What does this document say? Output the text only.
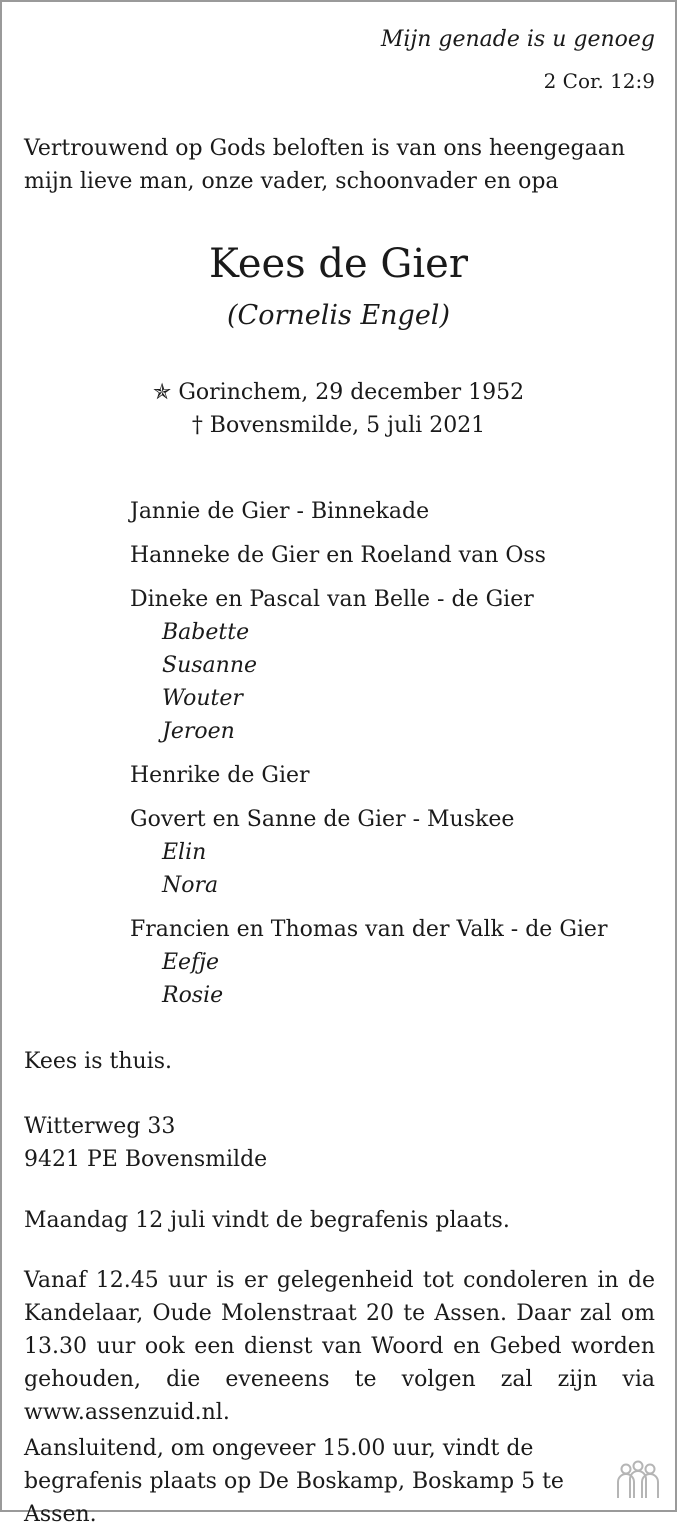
Mijn genade is u genoeg
2 Cor. 12:9
Vertrouwend op Gods beloften is van ons heengegaan
mijn lieve man, onze vader, schoonvader en opa
Kees de Gier
(Cornelis Engel)
✯ Gorinchem, 29 december 1952
† Bovensmilde, 5 juli 2021
Jannie de Gier - Binnekade
Hanneke de Gier en Roeland van Oss
Dineke en Pascal van Belle - de Gier
Babette
Susanne
Wouter
Jeroen
Henrike de Gier
Govert en Sanne de Gier - Muskee
Elin
Nora
Francien en Thomas van der Valk - de Gier
Eefje
Rosie
Kees is thuis.
Witterweg 33
9421 PE Bovensmilde
Maandag 12 juli vindt de begrafenis plaats.
Vanaf 12.45 uur is er gelegenheid tot condoleren in de Kandelaar, Oude Molenstraat 20 te Assen. Daar zal om 13.30 uur ook een dienst van Woord en Gebed worden gehouden, die eveneens te volgen zal zijn via www.assenzuid.nl.
Aansluitend, om ongeveer 15.00 uur, vindt de begrafenis plaats op De Boskamp, Boskamp 5 te Assen.
